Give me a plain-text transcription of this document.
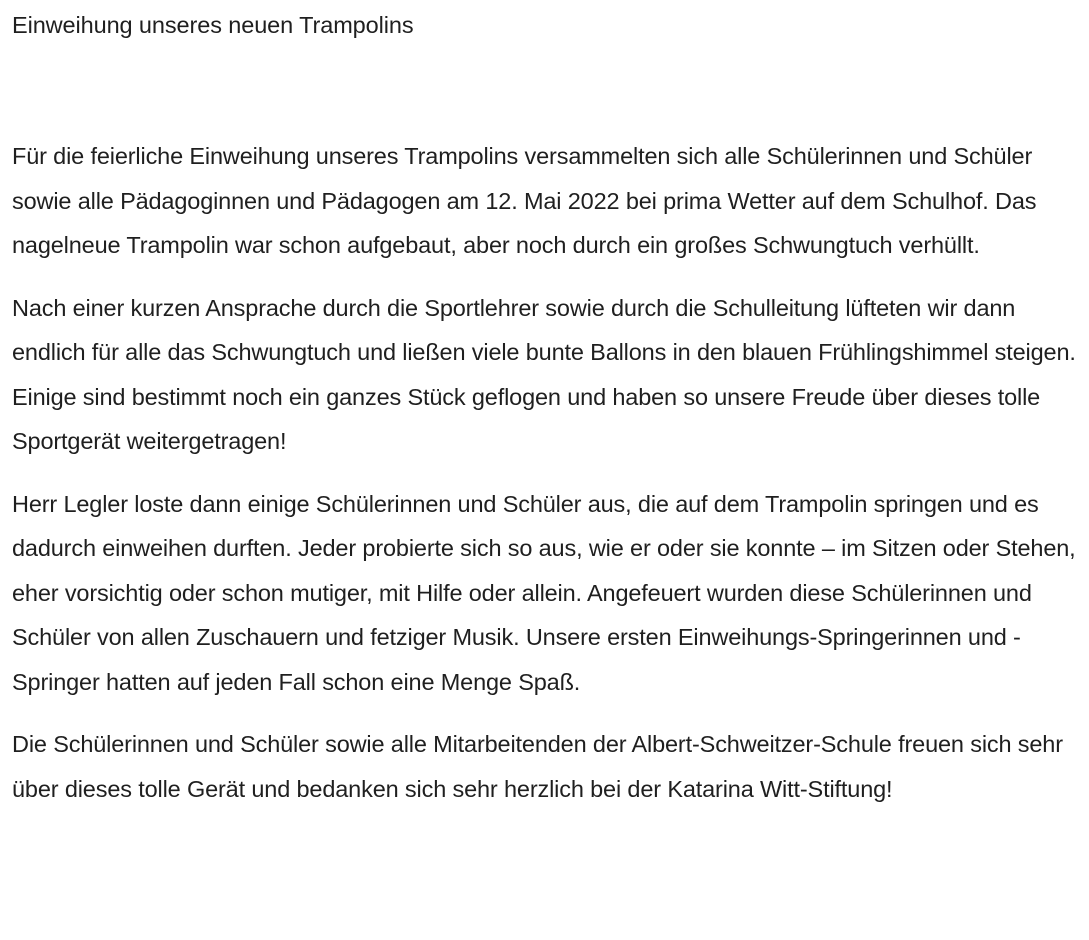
Einweihung unseres neuen Trampolins

Für die feierliche Einweihung unseres Trampolins versammelten sich alle Schülerinnen und Schüler sowie alle Pädagoginnen und Pädagogen am 12. Mai 2022 bei prima Wetter auf dem Schulhof. Das nagelneue Trampolin war schon aufgebaut, aber noch durch ein großes Schwungtuch verhüllt.

Nach einer kurzen Ansprache durch die Sportlehrer sowie durch die Schulleitung lüfteten wir dann endlich für alle das Schwungtuch und ließen viele bunte Ballons in den blauen Frühlingshimmel steigen. Einige sind bestimmt noch ein ganzes Stück geflogen und haben so unsere Freude über dieses tolle Sportgerät weitergetragen!

Herr Legler loste dann einige Schülerinnen und Schüler aus, die auf dem Trampolin springen und es dadurch einweihen durften. Jeder probierte sich so aus, wie er oder sie konnte – im Sitzen oder Stehen, eher vorsichtig oder schon mutiger, mit Hilfe oder allein. Angefeuert wurden diese Schülerinnen und Schüler von allen Zuschauern und fetziger Musik. Unsere ersten Einweihungs-Springerinnen und -Springer hatten auf jeden Fall schon eine Menge Spaß.

Die Schülerinnen und Schüler sowie alle Mitarbeitenden der Albert-Schweitzer-Schule freuen sich sehr über dieses tolle Gerät und bedanken sich sehr herzlich bei der Katarina Witt-Stiftung!
